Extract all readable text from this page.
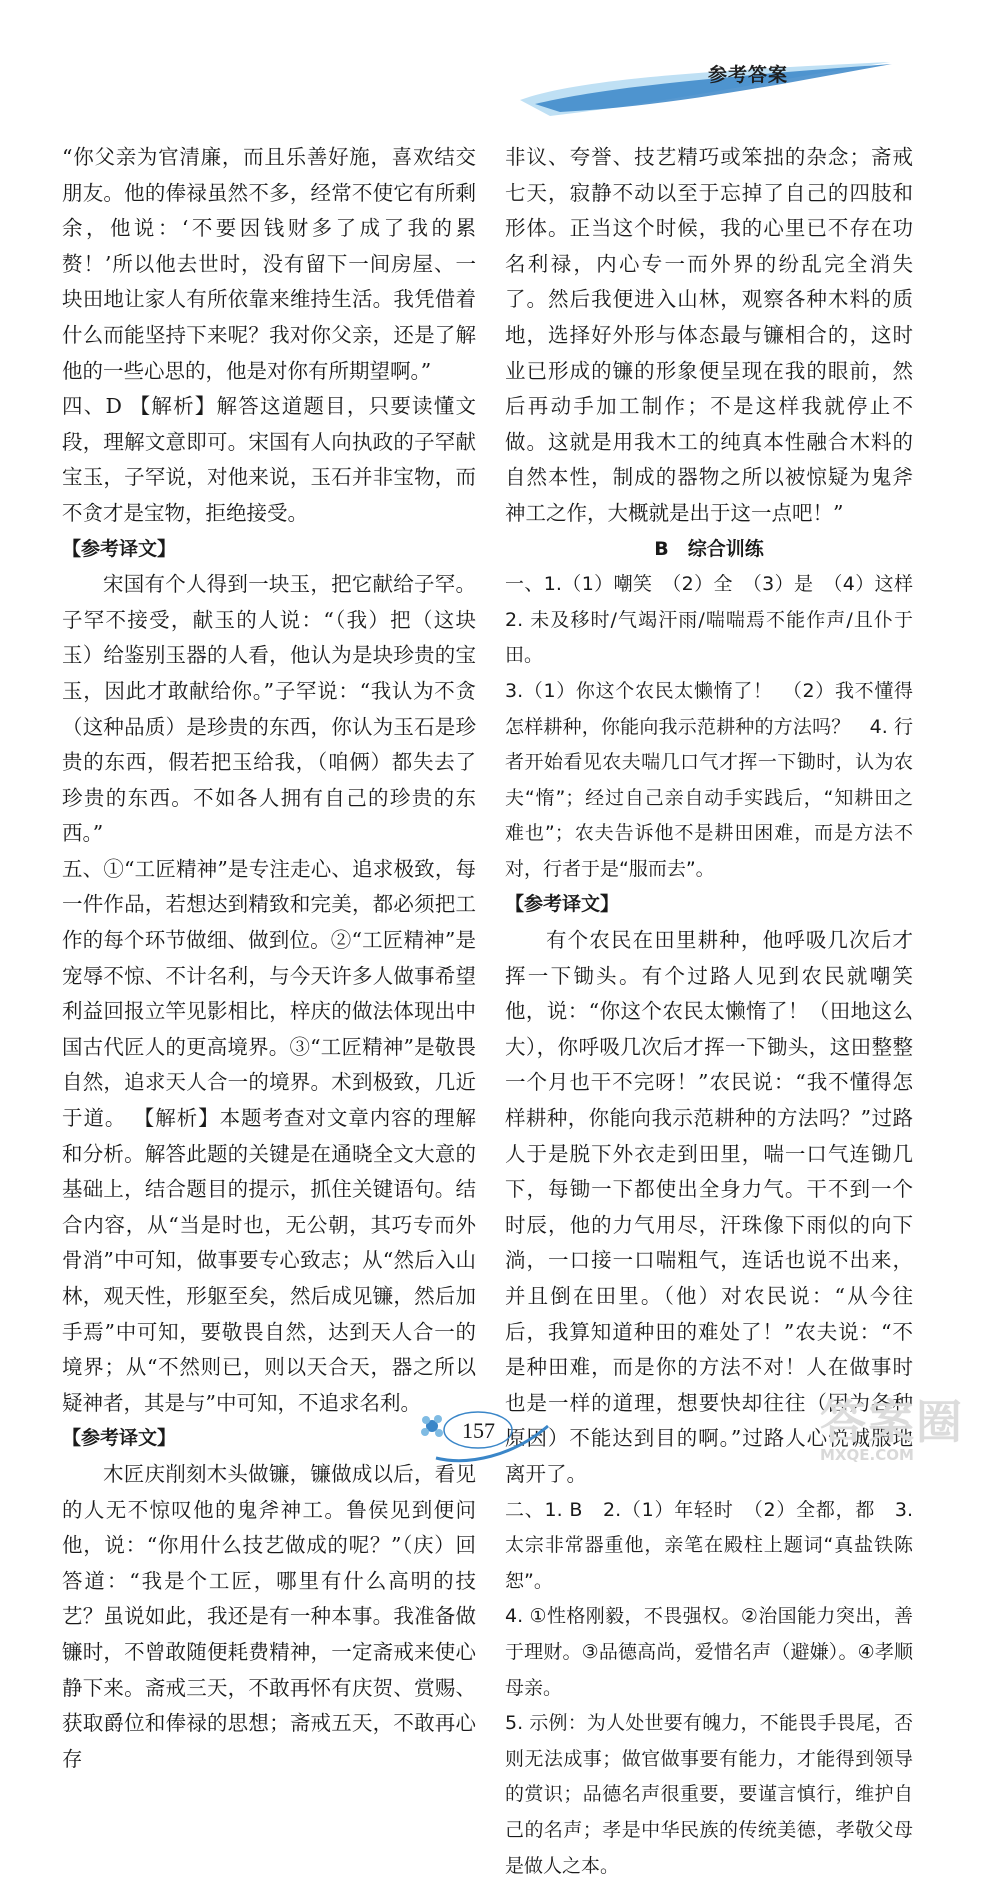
参考答案

“你父亲为官清廉，而且乐善好施，喜欢结交朋友。他的俸禄虽然不多，经常不使它有所剩余，他说：‘不要因钱财多了成了我的累赘！’所以他去世时，没有留下一间房屋、一块田地让家人有所依靠来维持生活。我凭借着什么而能坚持下来呢？我对你父亲，还是了解他的一些心思的，他是对你有所期望啊。”

四、D 【解析】解答这道题目，只要读懂文段，理解文意即可。宋国有人向执政的子罕献宝玉，子罕说，对他来说，玉石并非宝物，而不贪才是宝物，拒绝接受。

【参考译文】

宋国有个人得到一块玉，把它献给子罕。子罕不接受，献玉的人说：“（我）把（这块玉）给鉴别玉器的人看，他认为是块珍贵的宝玉，因此才敢献给你。”子罕说：“我认为不贪（这种品质）是珍贵的东西，你认为玉石是珍贵的东西，假若把玉给我，（咱俩）都失去了珍贵的东西。不如各人拥有自己的珍贵的东西。”

五、①“工匠精神”是专注走心、追求极致，每一件作品，若想达到精致和完美，都必须把工作的每个环节做细、做到位。②“工匠精神”是宠辱不惊、不计名利，与今天许多人做事希望利益回报立竿见影相比，梓庆的做法体现出中国古代匠人的更高境界。③“工匠精神”是敬畏自然，追求天人合一的境界。术到极致，几近于道。 【解析】本题考查对文章内容的理解和分析。解答此题的关键是在通晓全文大意的基础上，结合题目的提示，抓住关键语句。结合内容，从“当是时也，无公朝，其巧专而外骨消”中可知，做事要专心致志；从“然后入山林，观天性，形躯至矣，然后成见镰，然后加手焉”中可知，要敬畏自然，达到天人合一的境界；从“不然则已，则以天合天，器之所以疑神者，其是与”中可知，不追求名利。

【参考译文】

木匠庆削刻木头做镰，镰做成以后，看见的人无不惊叹他的鬼斧神工。鲁侯见到便问他，说：“你用什么技艺做成的呢？”（庆）回答道：“我是个工匠，哪里有什么高明的技艺？虽说如此，我还是有一种本事。我准备做镰时，不曾敢随便耗费精神，一定斋戒来使心静下来。斋戒三天，不敢再怀有庆贺、赏赐、获取爵位和俸禄的思想；斋戒五天，不敢再心存

非议、夸誉、技艺精巧或笨拙的杂念；斋戒七天，寂静不动以至于忘掉了自己的四肢和形体。正当这个时候，我的心里已不存在功名利禄，内心专一而外界的纷乱完全消失了。然后我便进入山林，观察各种木料的质地，选择好外形与体态最与镰相合的，这时业已形成的镰的形象便呈现在我的眼前，然后再动手加工制作；不是这样我就停止不做。这就是用我木工的纯真本性融合木料的自然本性，制成的器物之所以被惊疑为鬼斧神工之作，大概就是出于这一点吧！”

B　综合训练

一、1.（1）嘲笑　（2）全　（3）是　（4）这样　2. 未及移时/气竭汗雨/喘喘焉不能作声/且仆于田。

3.（1）你这个农民太懒惰了！　（2）我不懂得怎样耕种，你能向我示范耕种的方法吗？　4. 行者开始看见农夫喘几口气才挥一下锄时，认为农夫“惰”；经过自己亲自动手实践后，“知耕田之难也”；农夫告诉他不是耕田困难，而是方法不对，行者于是“服而去”。

【参考译文】

有个农民在田里耕种，他呼吸几次后才挥一下锄头。有个过路人见到农民就嘲笑他，说：“你这个农民太懒惰了！（田地这么大），你呼吸几次后才挥一下锄头，这田整整一个月也干不完呀！”农民说：“我不懂得怎样耕种，你能向我示范耕种的方法吗？”过路人于是脱下外衣走到田里，喘一口气连锄几下，每锄一下都使出全身力气。干不到一个时辰，他的力气用尽，汗珠像下雨似的向下淌，一口接一口喘粗气，连话也说不出来，并且倒在田里。（他）对农民说：“从今往后，我算知道种田的难处了！”农夫说：“不是种田难，而是你的方法不对！人在做事时也是一样的道理，想要快却往往（因为各种原因）不能达到目的啊。”过路人心悦诚服地离开了。

二、1. B　2.（1）年轻时　（2）全都，都　3. 太宗非常器重他，亲笔在殿柱上题词“真盐铁陈恕”。

4. ①性格刚毅，不畏强权。②治国能力突出，善于理财。③品德高尚，爱惜名声（避嫌）。④孝顺母亲。

5. 示例：为人处世要有魄力，不能畏手畏尾，否则无法成事；做官做事要有能力，才能得到领导的赏识；品德名声很重要，要谨言慎行，维护自己的名声；孝是中华民族的传统美德，孝敬父母是做人之本。

157	答案圈
MXQE.COM
